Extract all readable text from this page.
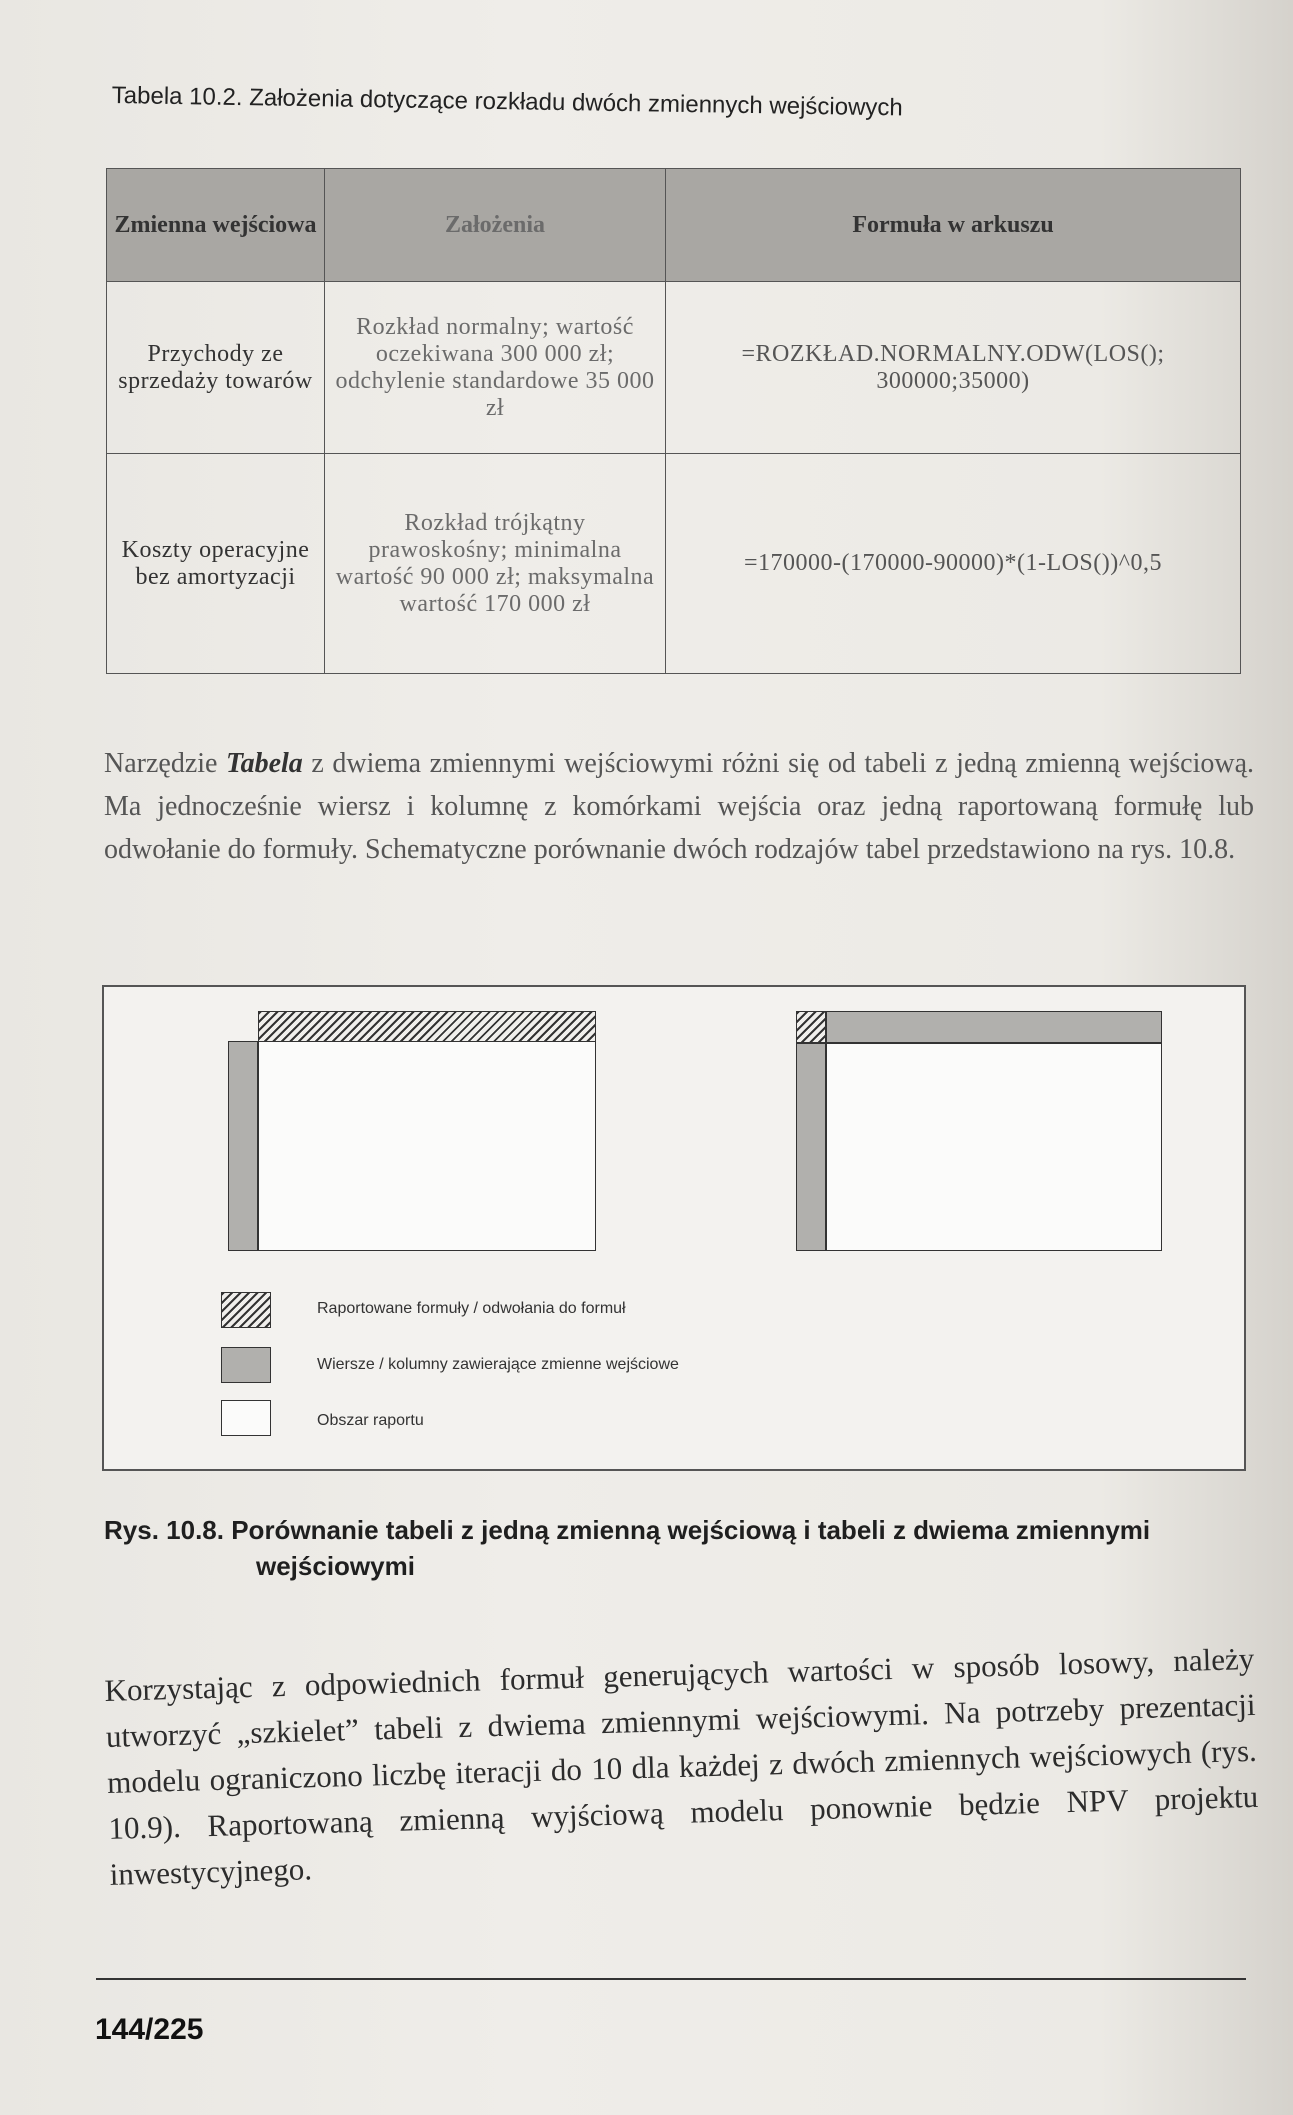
Tabela 10.2. Założenia dotyczące rozkładu dwóch zmiennych wejściowych
Zmienna wejściowa	Założenia	Formuła w arkuszu
Przychody ze sprzedaży towarów	Rozkład normalny; wartość oczekiwana 300 000 zł; odchylenie standardowe 35 000 zł	=ROZKŁAD.NORMALNY.ODW(LOS(); 300000;35000)
Koszty operacyjne bez amortyzacji	Rozkład trójkątny prawoskośny; minimalna wartość 90 000 zł; maksymalna wartość 170 000 zł	=170000-(170000-90000)*(1-LOS())^0,5
Narzędzie Tabela z dwiema zmiennymi wejściowymi różni się od tabeli z jedną zmienną wejściową. Ma jednocześnie wiersz i kolumnę z komórkami wejścia oraz jedną raportowaną formułę lub odwołanie do formuły. Schematyczne porównanie dwóch rodzajów tabel przedstawiono na rys. 10.8.
Raportowane formuły / odwołania do formuł
Wiersze / kolumny zawierające zmienne wejściowe
Obszar raportu
Rys. 10.8. Porównanie tabeli z jedną zmienną wejściową i tabeli z dwiema zmiennymi
wejściowymi
Korzystając z odpowiednich formuł generujących wartości w sposób losowy, należy utworzyć „szkielet” tabeli z dwiema zmiennymi wejściowymi. Na potrzeby prezentacji modelu ograniczono liczbę iteracji do 10 dla każdej z dwóch zmiennych wejściowych (rys. 10.9). Raportowaną zmienną wyjściową modelu ponownie będzie NPV projektu inwestycyjnego.
144/225
